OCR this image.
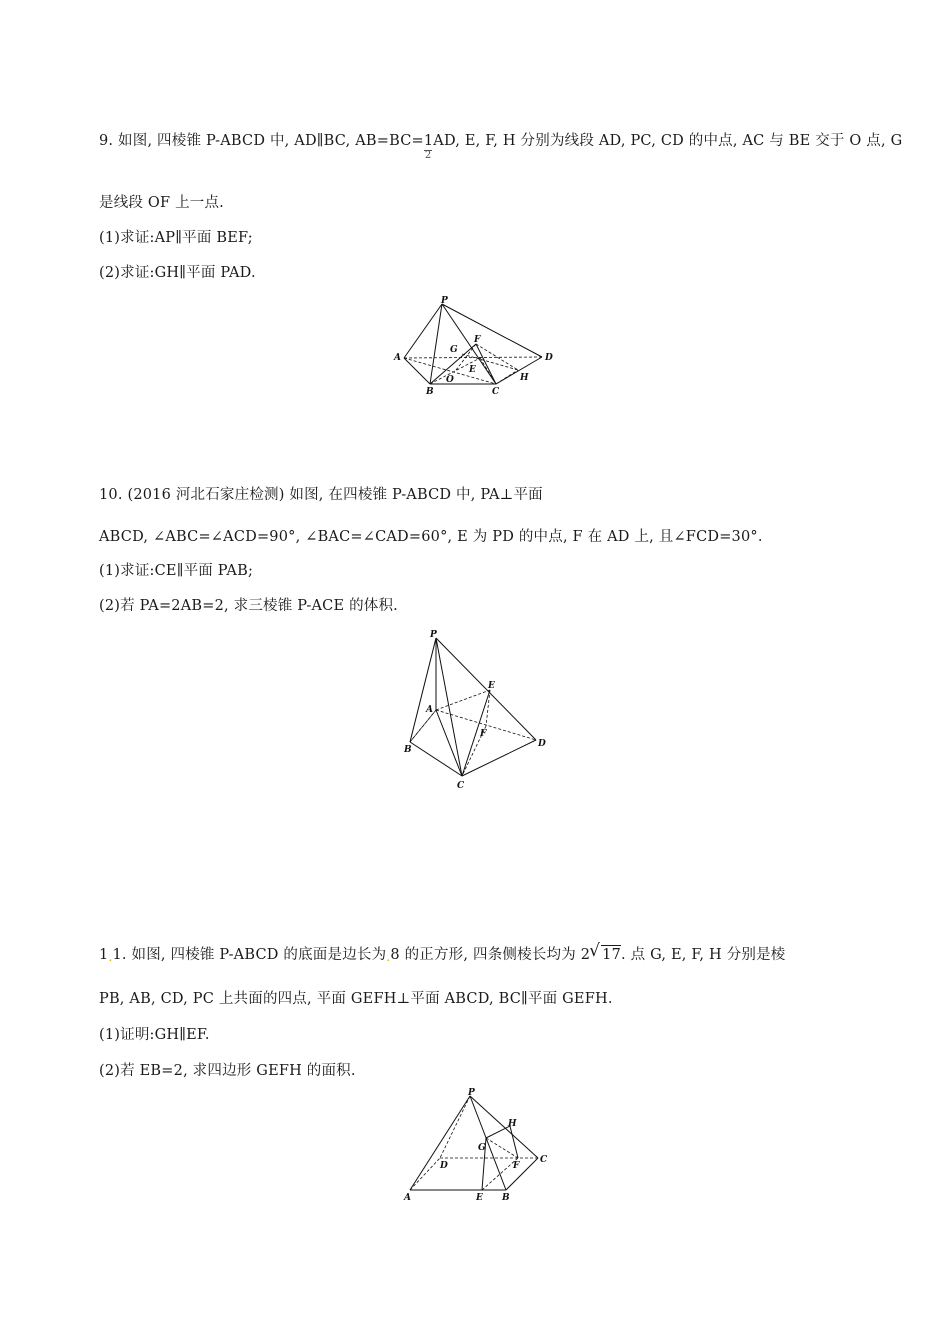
9. 如图, 四棱锥 P-ABCD 中, AD∥BC, $AB=BC=\frac{1}{2}$ AD, E, F, H 分别为线段 AD, PC, CD 的中点, AC 与 BE 交于 O 点, G
是线段 OF 上一点.
(1)求证:AP∥平面 BEF;
(2)求证:GH∥平面 PAD.
P
A
B	C
D
E
F
G
H
O
10. (2016 河北石家庄检测) 如图, 在四棱锥 P-ABCD 中, PA⊥平面
ABCD, ∠ABC=∠ACD=90°, ∠BAC=∠CAD=60°, E 为 PD 的中点, F 在 AD 上, 且∠FCD=30°.
(1)求证:CE∥平面 PAB;
(2)若 PA=2AB=2, 求三棱锥 P-ACE 的体积.
P
A
B
C
D
E
F
1.1. 如图, 四棱锥 P-ABCD 的底面是边长为.8 的正方形, 四条侧棱长均为 2 √ 17. 点 G, E, F, H 分别是棱
PB, AB, CD, PC 上共面的四点, 平面 GEFH⊥平面 ABCD, BC∥平面 GEFH.
(1)证明:GH∥EF.
(2)若 EB=2, 求四边形 GEFH 的面积.
P
A	B
C
D
E
F
G
H
